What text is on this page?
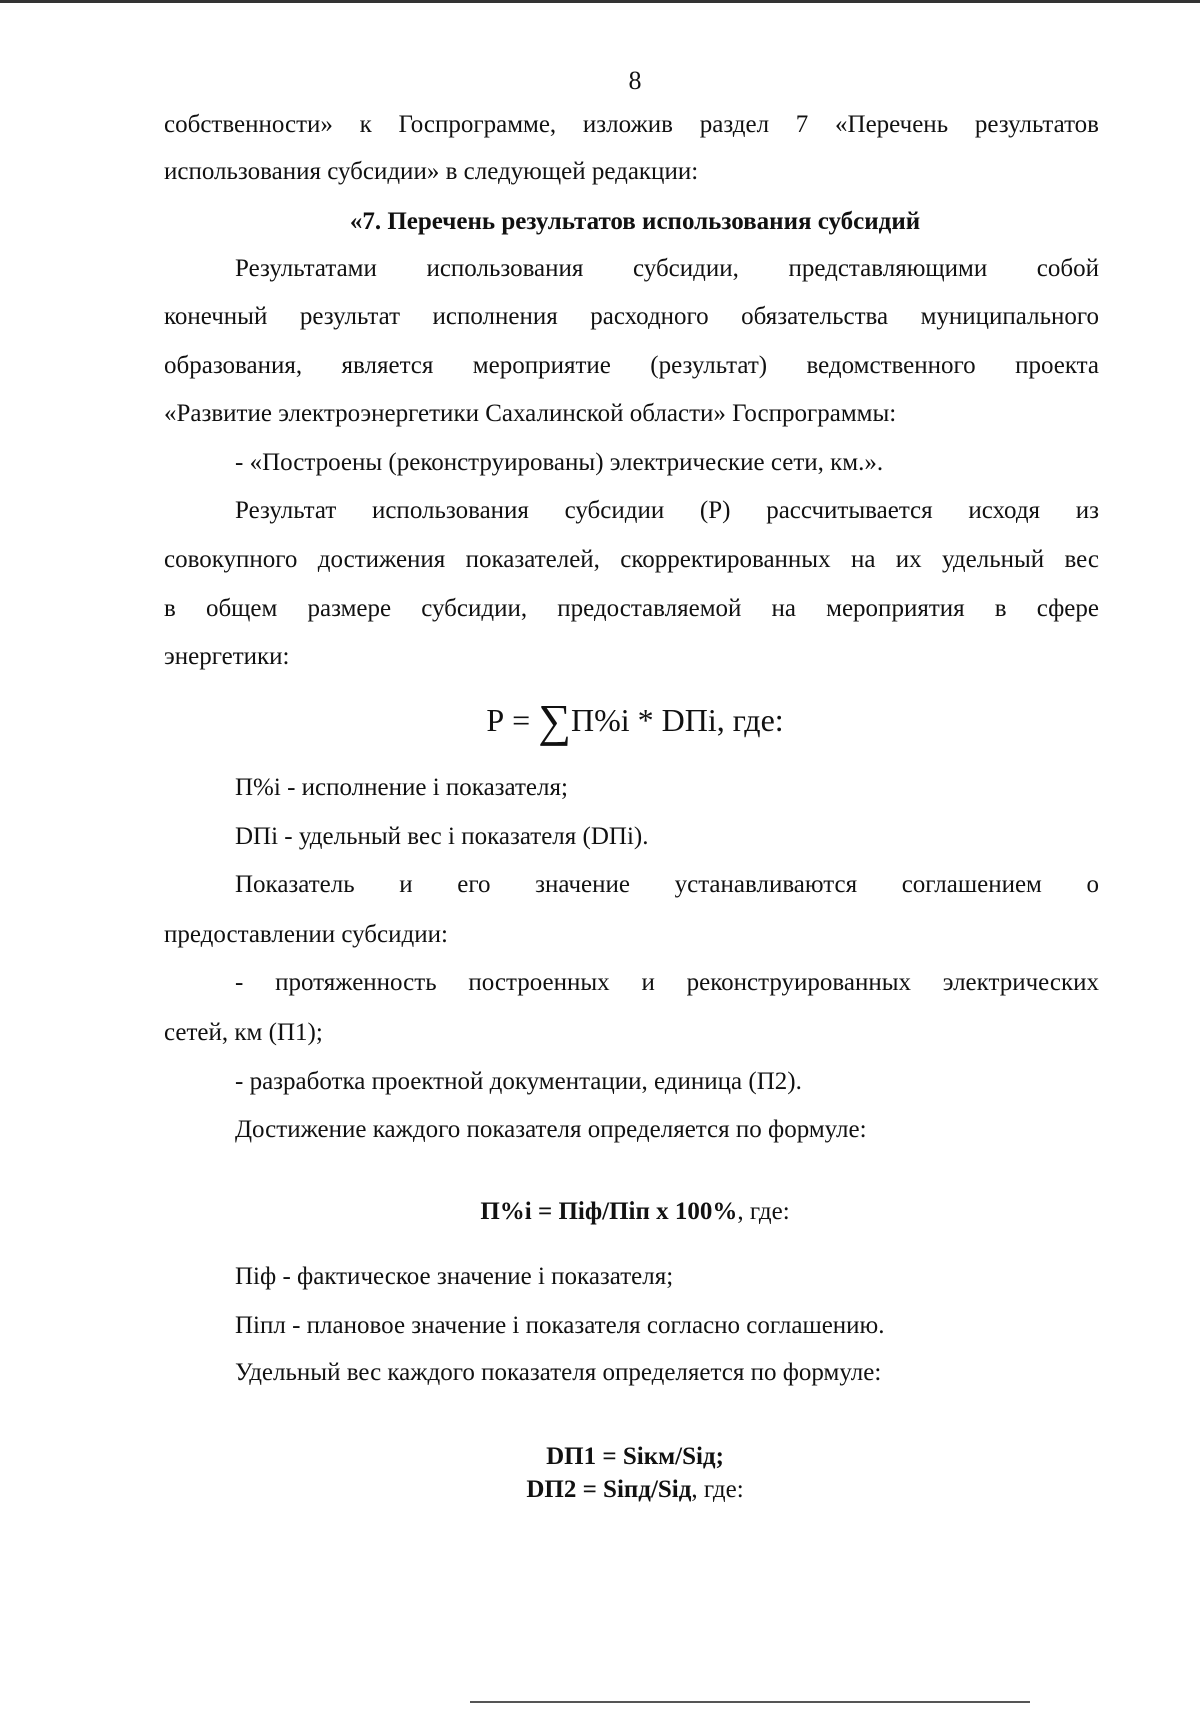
8
собственности» к Госпрограмме, изложив раздел 7 «Перечень результатов
использования субсидии» в следующей редакции:
«7. Перечень результатов использования субсидий
Результатами использования субсидии, представляющими собой
конечный результат исполнения расходного обязательства муниципального
образования, является мероприятие (результат) ведомственного проекта
«Развитие электроэнергетики Сахалинской области» Госпрограммы:
- «Построены (реконструированы) электрические сети, км.».
Результат использования субсидии (Р) рассчитывается исходя из
совокупного достижения показателей, скорректированных на их удельный вес
в общем размере субсидии, предоставляемой на мероприятия в сфере
энергетики:
Р = ∑П%i * DПi, где:
П%i - исполнение i показателя;
DПi - удельный вес i показателя (DПi).
Показатель и его значение устанавливаются соглашением о
предоставлении субсидии:
- протяженность построенных и реконструированных электрических
сетей, км (П1);
- разработка проектной документации, единица (П2).
Достижение каждого показателя определяется по формуле:
П%i = Піф/Піп х 100%, где:
Піф - фактическое значение i показателя;
Піпл - плановое значение i показателя согласно соглашению.
Удельный вес каждого показателя определяется по формуле:
DП1 = Siкм/Siд;
DП2 = Siпд/Siд, где:
